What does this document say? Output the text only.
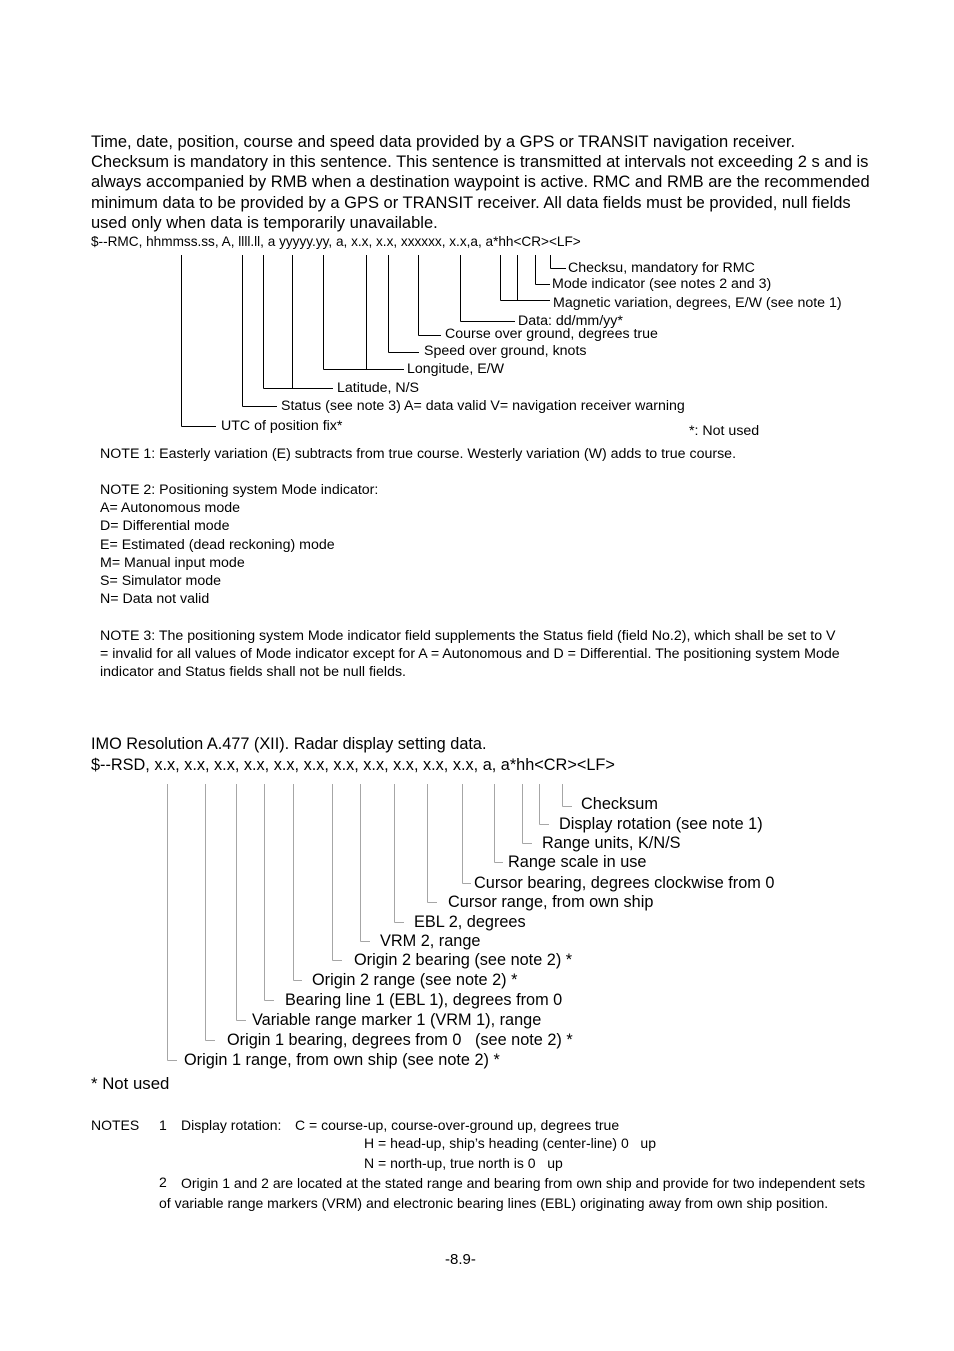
Time, date, position, course and speed data provided by a GPS or TRANSIT navigation receiver. Checksum is mandatory in this sentence. This sentence is transmitted at intervals not exceeding 2 s and is always accompanied by RMB when a destination waypoint is active. RMC and RMB are the recommended minimum data to be provided by a GPS or TRANSIT receiver. All data fields must be provided, null fields used only when data is temporarily unavailable.
$--RMC, hhmmss.ss, A, llll.ll, a yyyyy.yy, a, x.x, x.x, xxxxxx, x.x,a, a*hh<CR><LF>
Checksu, mandatory for RMC
Mode indicator (see notes 2 and 3)
Magnetic variation, degrees, E/W (see note 1)
Data: dd/mm/yy*
Course over ground, degrees true
Speed over ground, knots
Longitude, E/W
Latitude, N/S
Status (see note 3) A= data valid V= navigation receiver warning
UTC of position fix*	*: Not used
NOTE 1: Easterly variation (E) subtracts from true course. Westerly variation (W) adds to true course.
NOTE 2: Positioning system Mode indicator:
A= Autonomous mode
D= Differential mode
E= Estimated (dead reckoning) mode
M= Manual input mode
S= Simulator mode
N= Data not valid
NOTE 3: The positioning system Mode indicator field supplements the Status field (field No.2), which shall be set to V = invalid for all values of Mode indicator except for A = Autonomous and D = Differential. The positioning system Mode indicator and Status fields shall not be null fields.
IMO Resolution A.477 (XII). Radar display setting data.
$--RSD, x.x, x.x, x.x, x.x, x.x, x.x, x.x, x.x, x.x, x.x, x.x, a, a*hh<CR><LF>
Checksum
Display rotation (see note 1)
Range units, K/N/S
Range scale in use
Cursor bearing, degrees clockwise from 0
Cursor range, from own ship
EBL 2, degrees
VRM 2, range
Origin 2 bearing (see note 2) *
Origin 2 range (see note 2) *
Bearing line 1 (EBL 1), degrees from 0
Variable range marker 1 (VRM 1), range
Origin 1 bearing, degrees from 0   (see note 2) *
Origin 1 range, from own ship (see note 2) *
* Not used
NOTES 1 Display rotation: C = course-up, course-over-ground up, degrees true
H = head-up, ship’s heading (center-line) 0   up
N = north-up, true north is 0   up
2	Origin 1 and 2 are located at the stated range and bearing from own ship and provide for two independent sets of variable range markers (VRM) and electronic bearing lines (EBL) originating away from own ship position.
-8.9-
